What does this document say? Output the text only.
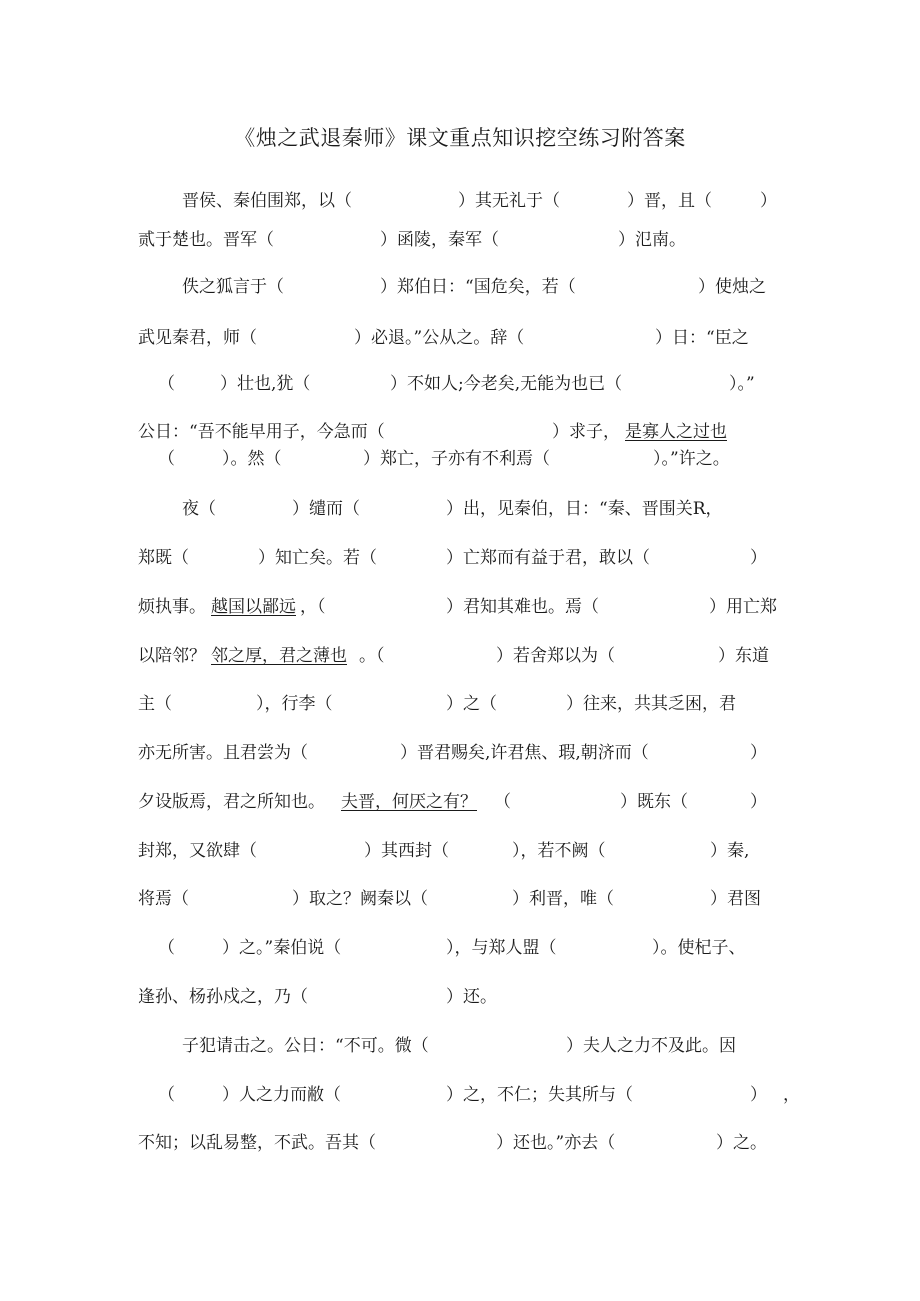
《烛之武退秦师》课文重点知识挖空练习附答案
晋侯、秦伯围郑，以（	）其无礼于（	）晋，且（	）
贰于楚也。晋军（	）函陵，秦军（	）氾南。
佚之狐言于（	）郑伯日：“国危矣，若（	）使烛之
武见秦君，师（	）必退。”公从之。辞（	）日：“臣之
（	）壮也,犹（	）不如人;今老矣,无能为也已（	）。”
公日：“吾不能早用子，今急而（	）求子， 是寡人之过也
（	）。然（	）郑亡，子亦有不利焉（	）。”许之。
夜（	）缱而（	）出，见秦伯，日：“秦、晋围关R，
郑既（	）知亡矣。若（	）亡郑而有益于君，敢以（	）
烦执事。 越国以鄙远 ，（	）君知其难也。焉（	）用亡郑
以陪邻？ 邻之厚，君之薄也 。（	）若舍郑以为（	）东道
主（	），行李（	）之（	）往来，共其乏困，君
亦无所害。且君尝为（	）晋君赐矣,许君焦、瑕,朝济而（	）
夕设版焉，君之所知也。 夫晋，何厌之有？ （	）既东（	）
封郑，又欲肆（	）其西封（	），若不阙（	）秦,
将焉（	）取之？阙秦以（	）利晋，唯（	）君图
（	）之。”秦伯说（	），与郑人盟（	）。使杞子、
逢孙、杨孙戍之，乃（	）还。
子犯请击之。公日：“不可。微（	）夫人之力不及此。因
（	）人之力而敝（	）之，不仁；失其所与（	） ，
不知；以乱易整，不武。吾其（	）还也。”亦去（	）之。
